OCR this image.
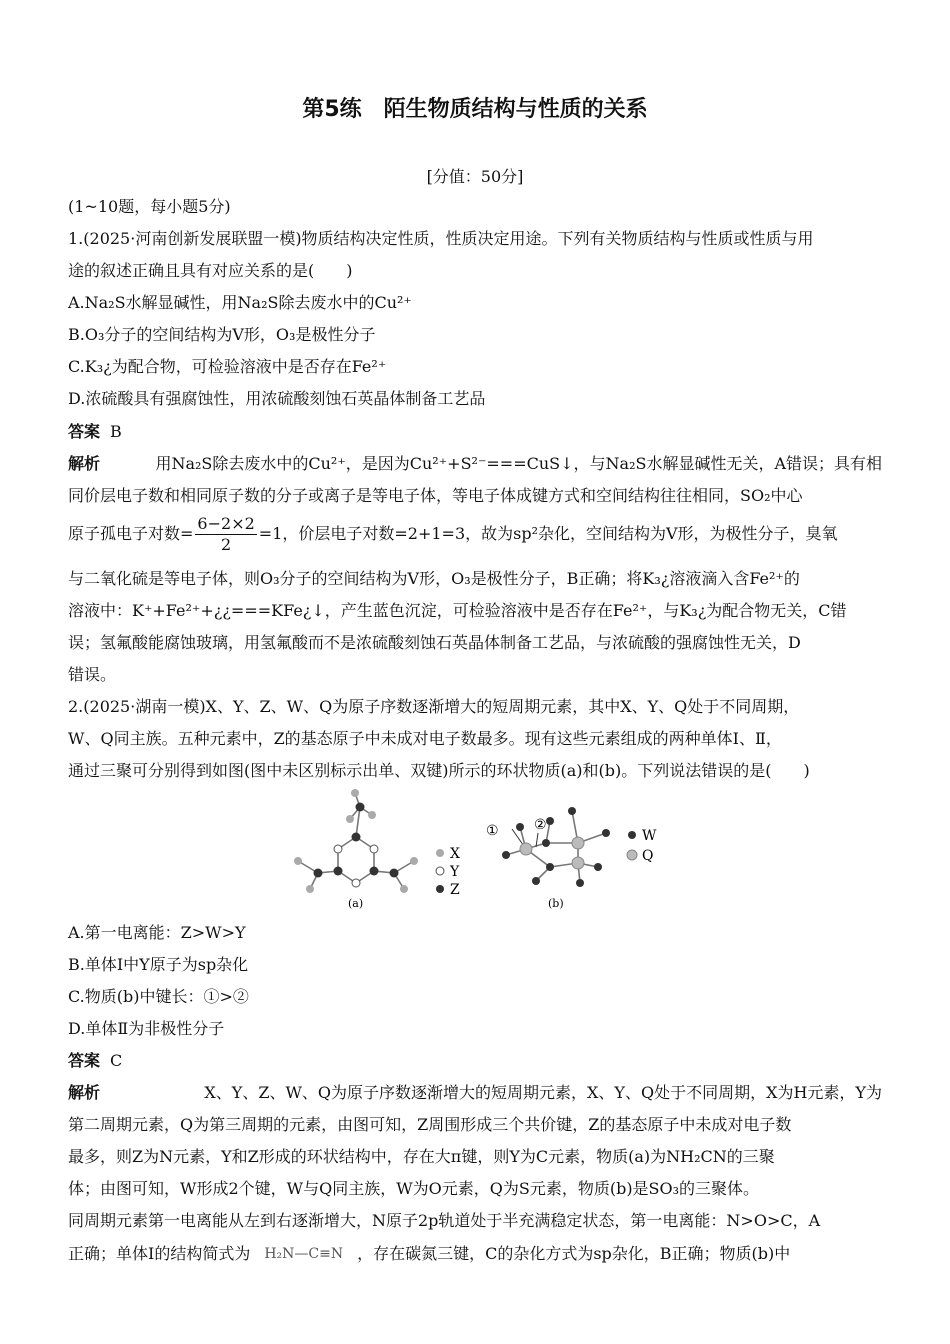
第5练　陌生物质结构与性质的关系
[分值：50分]
(1~10题，每小题5分)
1.(2025·河南创新发展联盟一模)物质结构决定性质，性质决定用途。下列有关物质结构与性质或性质与用
途的叙述正确且具有对应关系的是(　　)
A.Na₂S水解显碱性，用Na₂S除去废水中的Cu²⁺
B.O₃分子的空间结构为V形，O₃是极性分子
C.K₃¿为配合物，可检验溶液中是否存在Fe²⁺
D.浓硫酸具有强腐蚀性，用浓硫酸刻蚀石英晶体制备工艺品
答案 B
解析	用Na₂S除去废水中的Cu²⁺，是因为Cu²⁺+S²⁻===CuS↓，与Na₂S水解显碱性无关，A错误；具有相
同价层电子数和相同原子数的分子或离子是等电子体，等电子体成键方式和空间结构往往相同，SO₂中心
原子孤电子对数= $\frac{6-2\times 2}{2} =1$，价层电子对数=2+1=3，故为sp²杂化，空间结构为V形，为极性分子，臭氧
与二氧化硫是等电子体，则O₃分子的空间结构为V形，O₃是极性分子，B正确；将K₃¿溶液滴入含Fe²⁺的
溶液中：K⁺+Fe²⁺+¿¿===KFe¿↓，产生蓝色沉淀，可检验溶液中是否存在Fe²⁺，与K₃¿为配合物无关，C错
误；氢氟酸能腐蚀玻璃，用氢氟酸而不是浓硫酸刻蚀石英晶体制备工艺品，与浓硫酸的强腐蚀性无关，D
错误。
2.(2025·湖南一模)X、Y、Z、W、Q为原子序数逐渐增大的短周期元素，其中X、Y、Q处于不同周期，
W、Q同主族。五种元素中，Z的基态原子中未成对电子数最多。现有这些元素组成的两种单体Ⅰ、Ⅱ，
通过三聚可分别得到如图(图中未区别标示出单、双键)所示的环状物质(a)和(b)。下列说法错误的是(　　)
X
Y
Z
(a)
①	②
W
Q
(b)
A.第一电离能：Z>W>Y
B.单体Ⅰ中Y原子为sp杂化
C.物质(b)中键长：①>②
D.单体Ⅱ为非极性分子
答案 C
解析	X、Y、Z、W、Q为原子序数逐渐增大的短周期元素，X、Y、Q处于不同周期，X为H元素，Y为
第二周期元素，Q为第三周期的元素，由图可知，Z周围形成三个共价键，Z的基态原子中未成对电子数
最多，则Z为N元素，Y和Z形成的环状结构中，存在大π键，则Y为C元素，物质(a)为NH₂CN的三聚
体；由图可知，W形成2个键，W与Q同主族，W为O元素，Q为S元素，物质(b)是SO₃的三聚体。
同周期元素第一电离能从左到右逐渐增大，N原子2p轨道处于半充满稳定状态，第一电离能：N>O>C，A
正确；单体Ⅰ的结构简式为 H₂N—C≡N ，存在碳氮三键，C的杂化方式为sp杂化，B正确；物质(b)中
